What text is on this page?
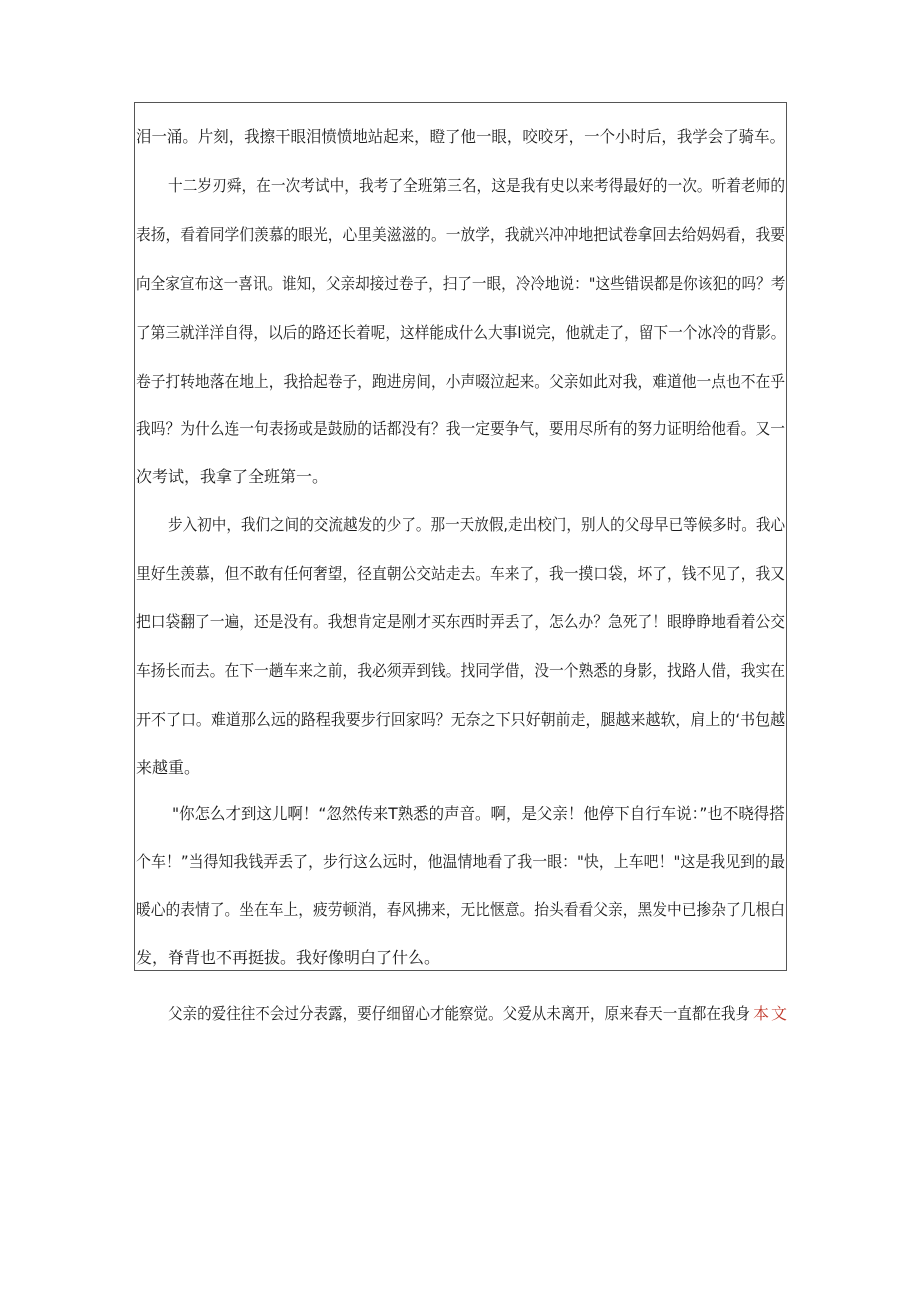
泪一涌。片刻，我擦干眼泪愤愤地站起来，瞪了他一眼，咬咬牙，一个小时后，我学会了骑车。
十二岁刃舜，在一次考试中，我考了全班第三名，这是我有史以来考得最好的一次。听着老师的
表扬，看着同学们羡慕的眼光，心里美滋滋的。一放学，我就兴冲冲地把试卷拿回去给妈妈看，我要
向全家宣布这一喜讯。谁知，父亲却接过卷子，扫了一眼，冷冷地说："这些错误都是你该犯的吗？考
了第三就洋洋自得，以后的路还长着呢，这样能成什么大事l说完，他就走了，留下一个冰冷的背影。
卷子打转地落在地上，我拾起卷子，跑进房间，小声啜泣起来。父亲如此对我，难道他一点也不在乎
我吗？为什么连一句表扬或是鼓励的话都没有？我一定要争气，要用尽所有的努力证明给他看。又一
次考试，我拿了全班第一。
步入初中，我们之间的交流越发的少了。那一天放假,走出校门，别人的父母早已等候多时。我心
里好生羡慕，但不敢有任何奢望，径直朝公交站走去。车来了，我一摸口袋，坏了，钱不见了，我又
把口袋翻了一遍，还是没有。我想肯定是刚才买东西时弄丢了，怎么办？急死了！眼睁睁地看着公交
车扬长而去。在下一趟车来之前，我必须弄到钱。找同学借，没一个熟悉的身影，找路人借，我实在
开不了口。难道那么远的路程我要步行回家吗？无奈之下只好朝前走，腿越来越软，肩上的‘书包越
来越重。
"你怎么才到这儿啊！“忽然传来T熟悉的声音。啊，是父亲！他停下自行车说：”也不晓得搭
个车！”当得知我钱弄丢了，步行这么远时，他温情地看了我一眼："快，上车吧！"这是我见到的最
暖心的表情了。坐在车上，疲劳顿消，春风拂来，无比惬意。抬头看看父亲，黑发中已掺杂了几根白
发，脊背也不再挺拔。我好像明白了什么。
父亲的爱往往不会过分表露，要仔细留心才能察觉。父爱从未离开，原来春天一直都在我身 本文
